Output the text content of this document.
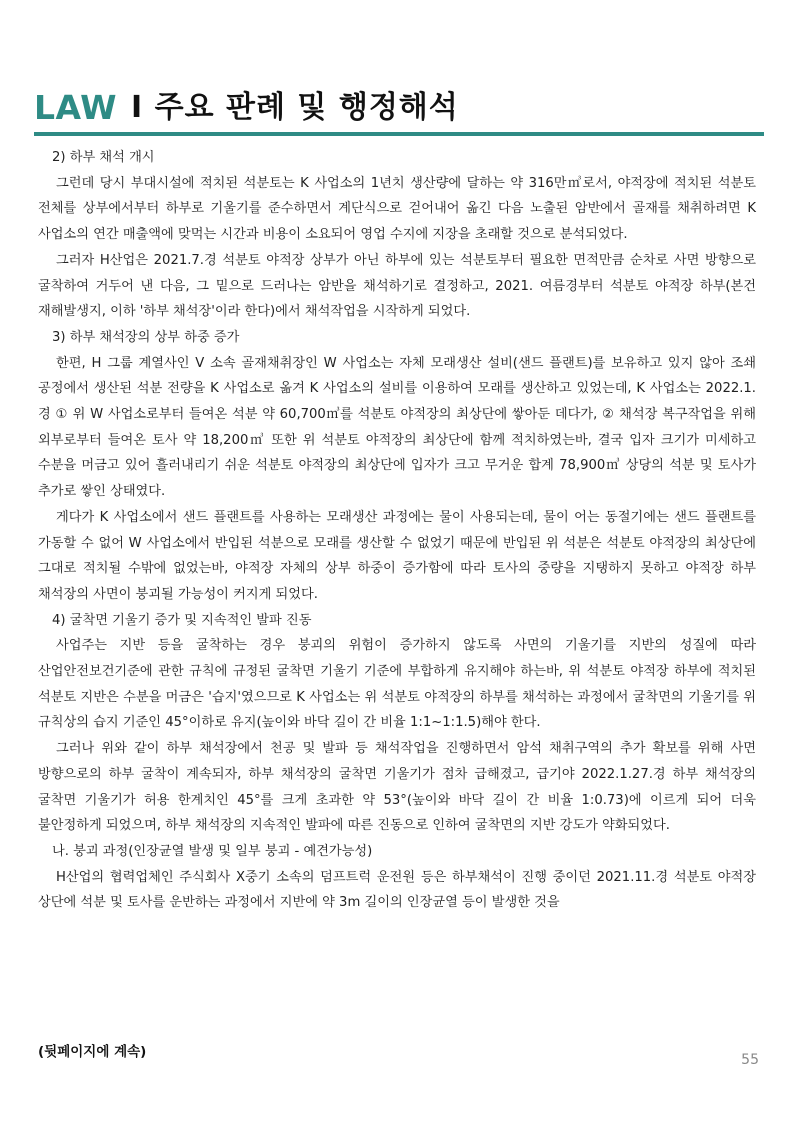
LAW Ⅰ 주요 판례 및 행정해석

2) 하부 채석 개시

그런데 당시 부대시설에 적치된 석분토는 K 사업소의 1년치 생산량에 달하는 약 316만㎥로서, 야적장에 적치된 석분토 전체를 상부에서부터 하부로 기울기를 준수하면서 계단식으로 걷어내어 옮긴 다음 노출된 암반에서 골재를 채취하려면 K 사업소의 연간 매출액에 맞먹는 시간과 비용이 소요되어 영업 수지에 지장을 초래할 것으로 분석되었다.

그러자 H산업은 2021.7.경 석분토 야적장 상부가 아닌 하부에 있는 석분토부터 필요한 면적만큼 순차로 사면 방향으로 굴착하여 거두어 낸 다음, 그 밑으로 드러나는 암반을 채석하기로 결정하고, 2021. 여름경부터 석분토 야적장 하부(본건 재해발생지, 이하 '하부 채석장'이라 한다)에서 채석작업을 시작하게 되었다.

3) 하부 채석장의 상부 하중 증가

한편, H 그룹 계열사인 V 소속 골재채취장인 W 사업소는 자체 모래생산 설비(샌드 플랜트)를 보유하고 있지 않아 조쇄 공정에서 생산된 석분 전량을 K 사업소로 옮겨 K 사업소의 설비를 이용하여 모래를 생산하고 있었는데, K 사업소는 2022.1.경 ① 위 W 사업소로부터 들여온 석분 약 60,700㎥를 석분토 야적장의 최상단에 쌓아둔 데다가, ② 채석장 복구작업을 위해 외부로부터 들여온 토사 약 18,200㎥ 또한 위 석분토 야적장의 최상단에 함께 적치하였는바, 결국 입자 크기가 미세하고 수분을 머금고 있어 흘러내리기 쉬운 석분토 야적장의 최상단에 입자가 크고 무거운 합계 78,900㎥ 상당의 석분 및 토사가 추가로 쌓인 상태였다.

게다가 K 사업소에서 샌드 플랜트를 사용하는 모래생산 과정에는 물이 사용되는데, 물이 어는 동절기에는 샌드 플랜트를 가동할 수 없어 W 사업소에서 반입된 석분으로 모래를 생산할 수 없었기 때문에 반입된 위 석분은 석분토 야적장의 최상단에 그대로 적치될 수밖에 없었는바, 야적장 자체의 상부 하중이 증가함에 따라 토사의 중량을 지탱하지 못하고 야적장 하부 채석장의 사면이 붕괴될 가능성이 커지게 되었다.

4) 굴착면 기울기 증가 및 지속적인 발파 진동

사업주는 지반 등을 굴착하는 경우 붕괴의 위험이 증가하지 않도록 사면의 기울기를 지반의 성질에 따라 산업안전보건기준에 관한 규칙에 규정된 굴착면 기울기 기준에 부합하게 유지해야 하는바, 위 석분토 야적장 하부에 적치된 석분토 지반은 수분을 머금은 '습지'였으므로 K 사업소는 위 석분토 야적장의 하부를 채석하는 과정에서 굴착면의 기울기를 위 규칙상의 습지 기준인 45°이하로 유지(높이와 바닥 길이 간 비율 1:1~1:1.5)해야 한다.

그러나 위와 같이 하부 채석장에서 천공 및 발파 등 채석작업을 진행하면서 암석 채취구역의 추가 확보를 위해 사면 방향으로의 하부 굴착이 계속되자, 하부 채석장의 굴착면 기울기가 점차 급해졌고, 급기야 2022.1.27.경 하부 채석장의 굴착면 기울기가 허용 한계치인 45°를 크게 초과한 약 53°(높이와 바닥 길이 간 비율 1:0.73)에 이르게 되어 더욱 불안정하게 되었으며, 하부 채석장의 지속적인 발파에 따른 진동으로 인하여 굴착면의 지반 강도가 약화되었다.

나. 붕괴 과정(인장균열 발생 및 일부 붕괴 - 예견가능성)

H산업의 협력업체인 주식회사 X중기 소속의 덤프트럭 운전원 등은 하부채석이 진행 중이던 2021.11.경 석분토 야적장 상단에 석분 및 토사를 운반하는 과정에서 지반에 약 3m 길이의 인장균열 등이 발생한 것을

(뒷페이지에 계속)	55
